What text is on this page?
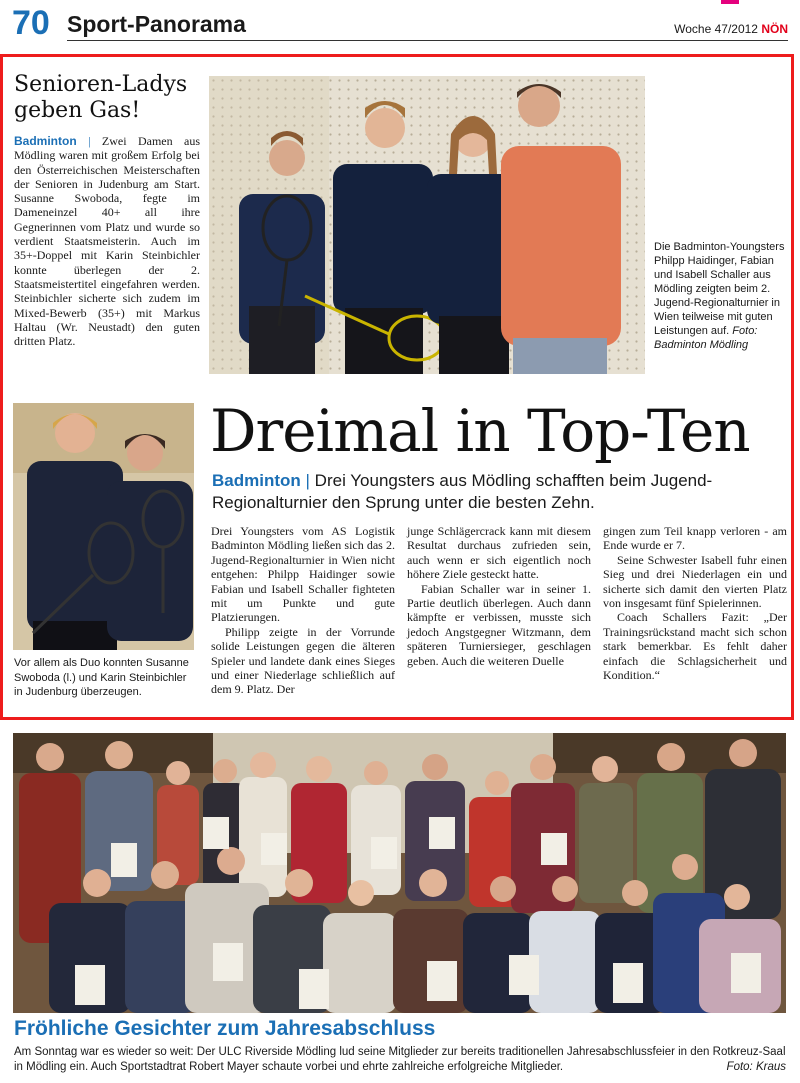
70 Sport-Panorama	Woche 47/2012 NÖN
Senioren-Ladys geben Gas!
Badminton | Zwei Damen aus Mödling waren mit großem Erfolg bei den Österreichischen Meisterschaften der Senioren in Judenburg am Start. Susanne Swoboda, fegte im Dameneinzel 40+ all ihre Gegnerinnen vom Platz und wurde so verdient Staatsmeisterin. Auch im 35+-Doppel mit Karin Steinbichler konnte überlegen der 2. Staatsmeistertitel eingefahren werden. Steinbichler sicherte sich zudem im Mixed-Bewerb (35+) mit Markus Haltau (Wr. Neustadt) den guten dritten Platz.
Die Badminton-Youngsters Philpp Haidinger, Fabian und Isabell Schaller aus Mödling zeigten beim 2. Jugend-Regionalturnier in Wien teilweise mit guten Leistungen auf. Foto: Badminton Mödling
Vor allem als Duo konnten Susanne Swoboda (l.) und Karin Steinbichler in Judenburg überzeugen.
Dreimal in Top-Ten
Badminton | Drei Youngsters aus Mödling schafften beim Jugend-Regionalturnier den Sprung unter die besten Zehn.

Drei Youngsters vom AS Logistik Badminton Mödling ließen sich das 2. Jugend-Regionalturnier in Wien nicht entgehen: Philpp Haidinger sowie Fabian und Isabell Schaller fighteten mit um Punkte und gute Platzierungen.

Philipp zeigte in der Vorrunde solide Leistungen gegen die älteren Spieler und landete dank eines Sieges und einer Niederlage schließlich auf dem 9. Platz. Der

junge Schlägercrack kann mit diesem Resultat durchaus zufrieden sein, auch wenn er sich eigentlich noch höhere Ziele gesteckt hatte.

Fabian Schaller war in seiner 1. Partie deutlich überlegen. Auch dann kämpfte er verbissen, musste sich jedoch Angstgegner Witzmann, dem späteren Turniersieger, geschlagen geben. Auch die weiteren Duelle

gingen zum Teil knapp verloren - am Ende wurde er 7.

Seine Schwester Isabell fuhr einen Sieg und drei Niederlagen ein und sicherte sich damit den vierten Platz von insgesamt fünf Spielerinnen.

Coach Schallers Fazit: „Der Trainingsrückstand macht sich schon stark bemerkbar. Es fehlt daher einfach die Schlagsicherheit und Kondition.“

Fröhliche Gesichter zum Jahresabschluss
Am Sonntag war es wieder so weit: Der ULC Riverside Mödling lud seine Mitglieder zur bereits traditionellen Jahresabschlussfeier in den Rotkreuz-Saal in Mödling ein. Auch Sportstadtrat Robert Mayer schaute vorbei und ehrte zahlreiche erfolgreiche Mitglieder.	Foto: Kraus
